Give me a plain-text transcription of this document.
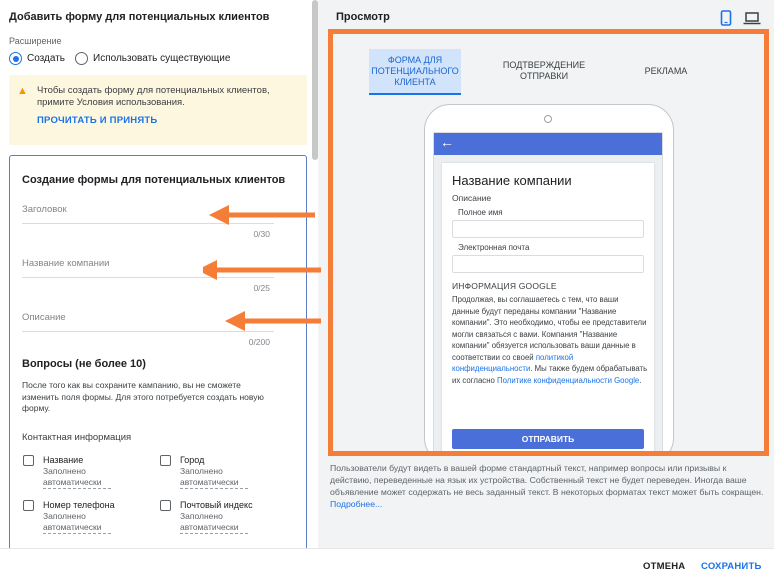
Добавить форму для потенциальных клиентов
Расширение
Создать	Использовать существующие
▲ Чтобы создать форму для потенциальных клиентов, примите Условия использования.
ПРОЧИТАТЬ И ПРИНЯТЬ
Создание формы для потенциальных клиентов
Заголовок
0/30
Название компании
0/25
Описание
0/200
Вопросы (не более 10)
После того как вы сохраните кампанию, вы не сможете изменить поля формы. Для этого потребуется создать новую форму.
Контактная информация
Название
Заполнено автоматически
Город
Заполнено автоматически
Номер телефона
Заполнено автоматически
Почтовый индекс
Заполнено автоматически
Просмотр
ФОРМА ДЛЯ ПОТЕНЦИАЛЬНОГО КЛИЕНТА
ПОДТВЕРЖДЕНИЕ ОТПРАВКИ	РЕКЛАМА
←
Название компании
Описание
Полное имя
Электронная почта
ИНФОРМАЦИЯ GOOGLE
Продолжая, вы соглашаетесь с тем, что ваши данные будут переданы компании "Название компании". Это необходимо, чтобы ее представители могли связаться с вами. Компания "Название компании" обязуется использовать ваши данные в соответствии со своей политикой конфиденциальности. Мы также будем обрабатывать их согласно Политике конфиденциальности Google.
ОТПРАВИТЬ
Пользователи будут видеть в вашей форме стандартный текст, например вопросы или призывы к действию, переведенные на язык их устройства. Собственный текст не будет переведен. Иногда ваше объявление может содержать не весь заданный текст. В некоторых форматах текст может быть сокращен. Подробнее...
ОТМЕНА СОХРАНИТЬ
